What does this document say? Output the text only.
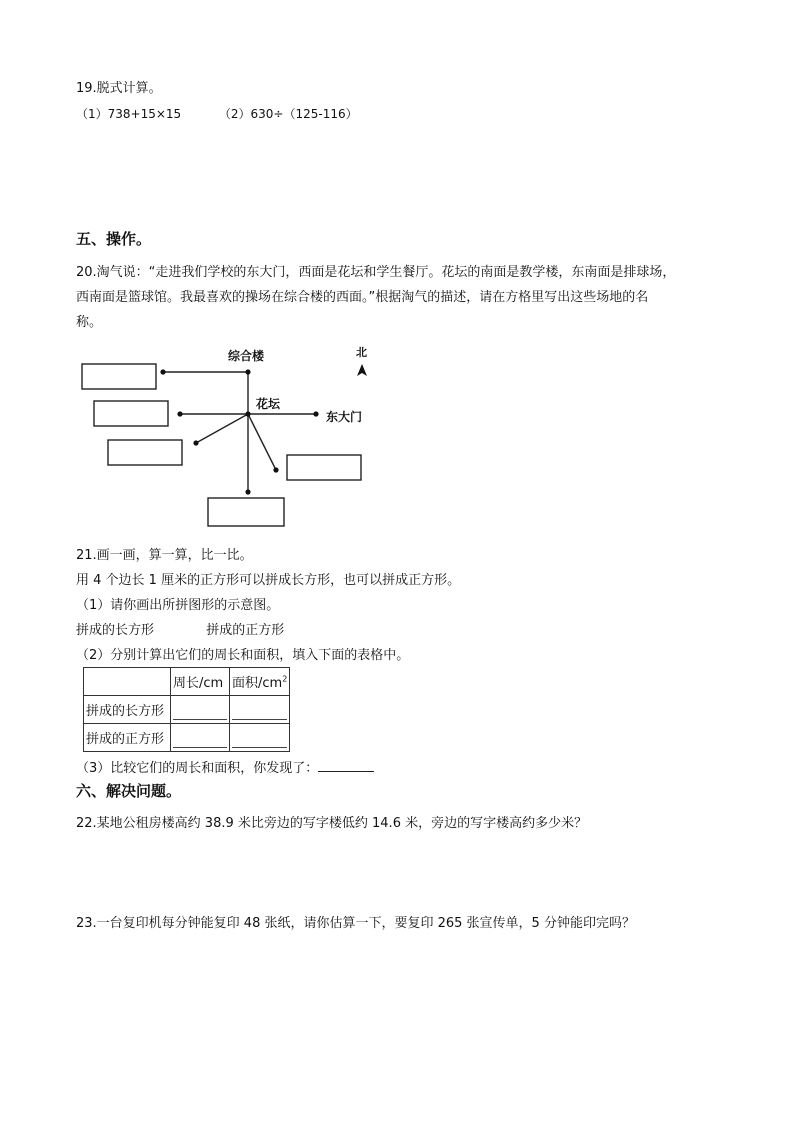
19.脱式计算。
（1）738+15×15	（2）630÷（125-116）
五、操作。
20.淘气说：“走进我们学校的东大门，西面是花坛和学生餐厅。花坛的南面是教学楼，东南面是排球场，
西南面是篮球馆。我最喜欢的操场在综合楼的西面。”根据淘气的描述，请在方格里写出这些场地的名
称。
综合楼
花坛
东大门
北
21.画一画，算一算，比一比。
用 4 个边长 1 厘米的正方形可以拼成长方形，也可以拼成正方形。
（1）请你画出所拼图形的示意图。
拼成的长方形	拼成的正方形
（2）分别计算出它们的周长和面积，填入下面的表格中。
	周长/cm	面积$/cm^2$
拼成的长方形	

拼成的正方形	

（3）比较它们的周长和面积，你发现了：
六、解决问题。
22.某地公租房楼高约 38.9 米比旁边的写字楼低约 14.6 米，旁边的写字楼高约多少米？
23.一台复印机每分钟能复印 48 张纸，请你估算一下，要复印 265 张宣传单，5 分钟能印完吗？
